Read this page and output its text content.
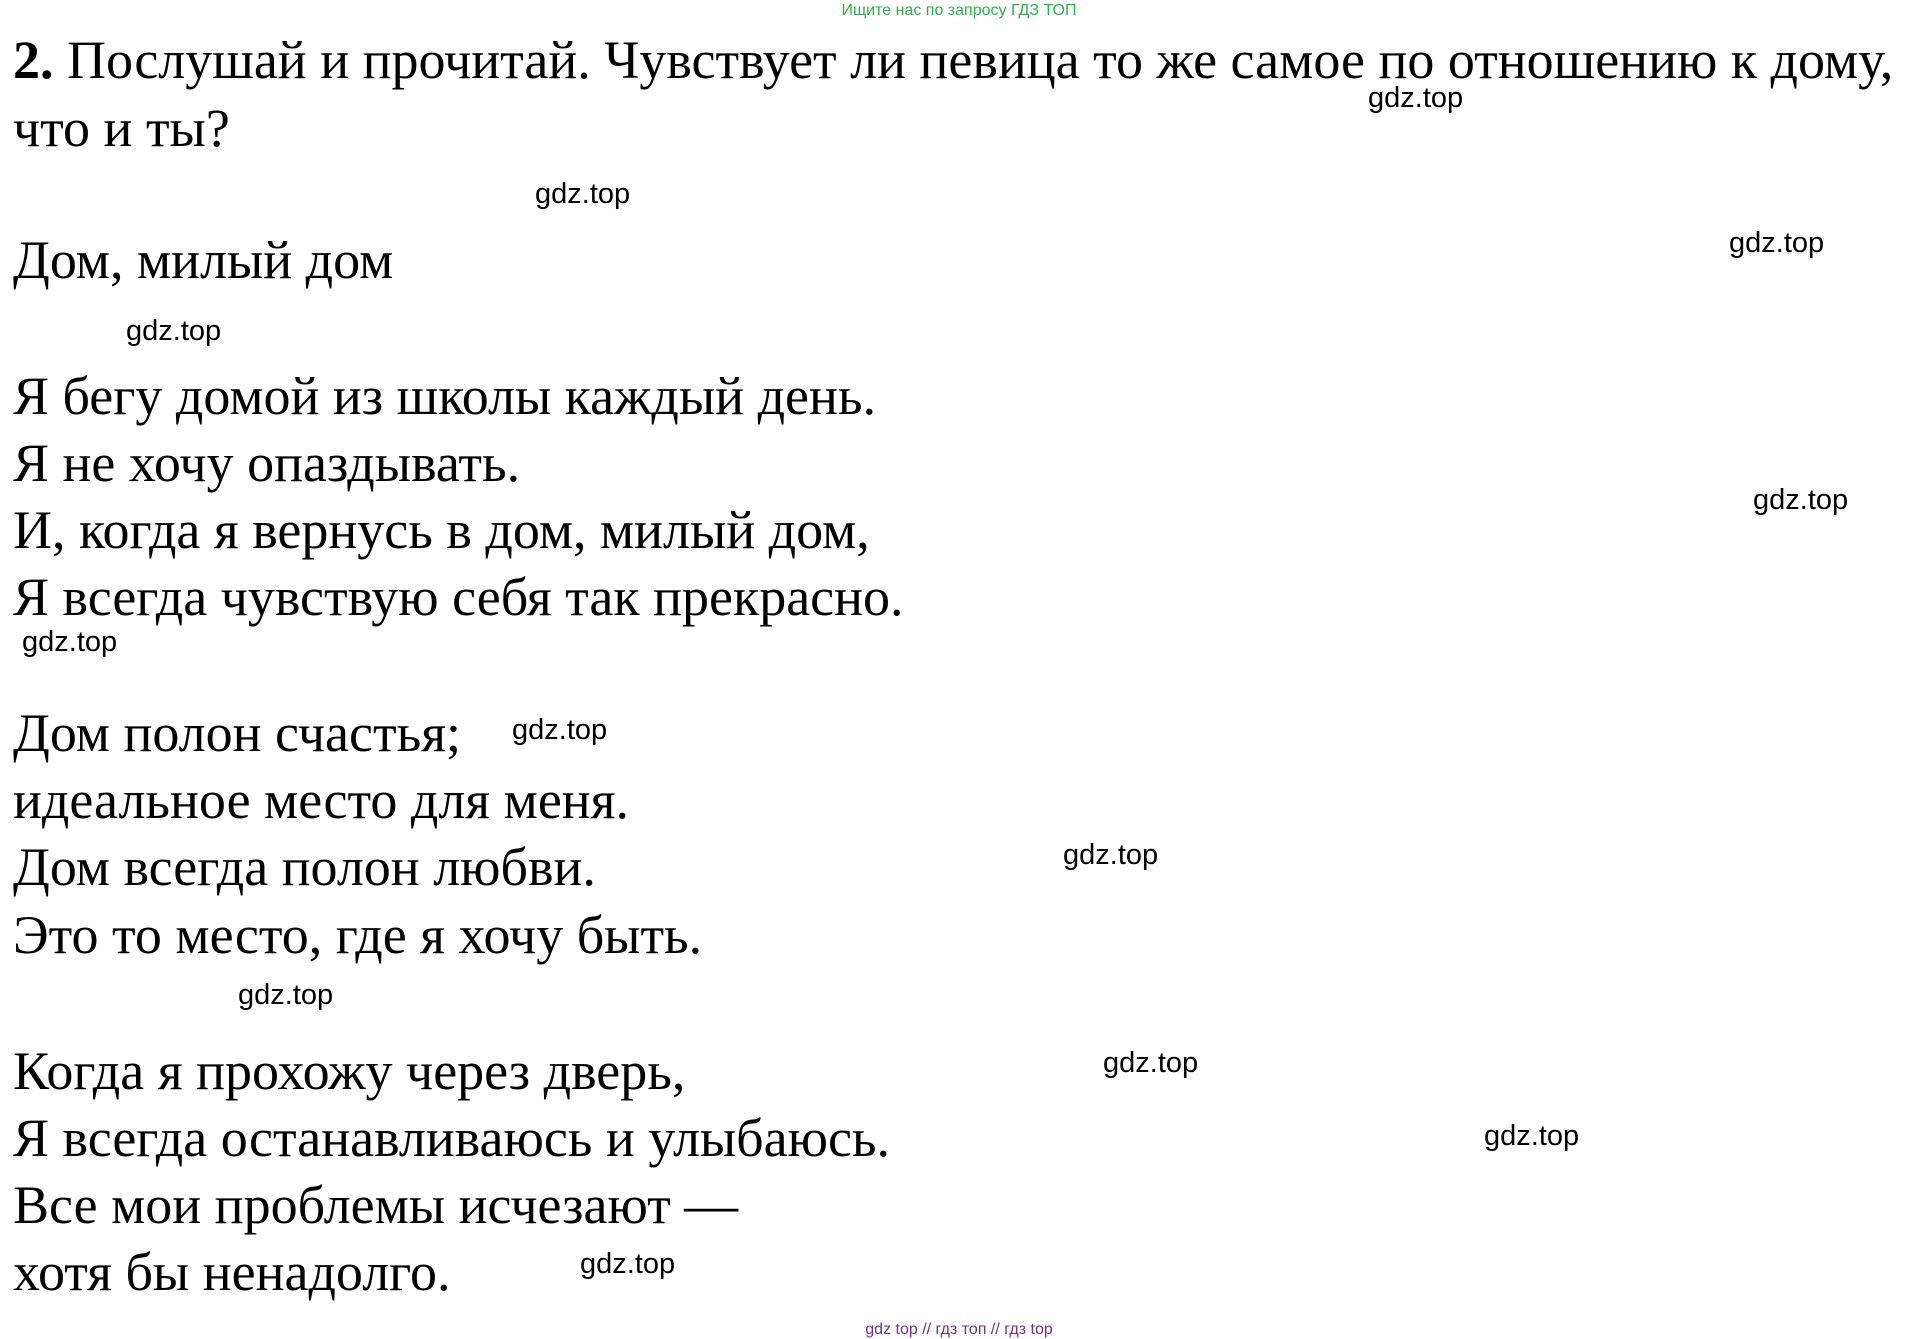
Ищите нас по запросу ГДЗ ТОП

2. Послушай и прочитай. Чувствует ли певица то же самое по отношению к дому, что и ты?

Дом, милый дом

Я бегу домой из школы каждый день.

Я не хочу опаздывать.

И, когда я вернусь в дом, милый дом,

Я всегда чувствую себя так прекрасно.

Дом полон счастья;

идеальное место для меня.

Дом всегда полон любви.

Это то место, где я хочу быть.

Когда я прохожу через дверь,

Я всегда останавливаюсь и улыбаюсь.

Все мои проблемы исчезают —

хотя бы ненадолго.

gdz.top
gdz.top
gdz.top
gdz.top
gdz.top
gdz.top
gdz.top
gdz.top
gdz.top
gdz.top
gdz.top
gdz.top
gdz top // гдз топ // гдз top
